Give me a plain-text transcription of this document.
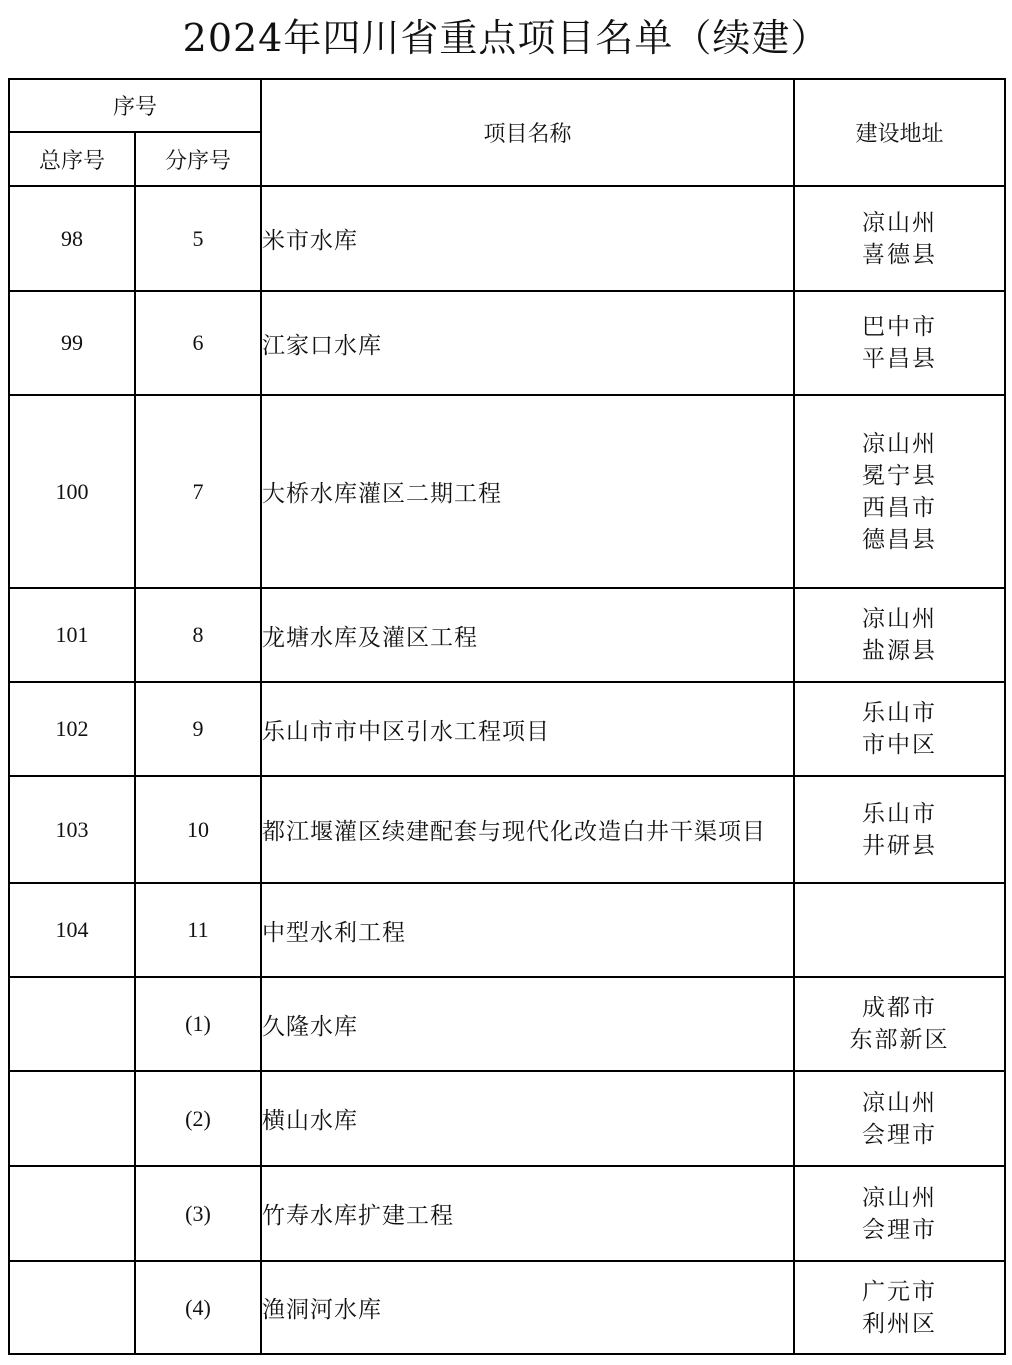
2024年四川省重点项目名单（续建）
序号		项目名称	建设地址
总序号	分序号		
98	5	米市水库	凉山州
喜德县

99	6	江家口水库	巴中市
平昌县

100	7	大桥水库灌区二期工程	凉山州
冕宁县
西昌市
德昌县

101	8	龙塘水库及灌区工程	凉山州
盐源县

102	9	乐山市市中区引水工程项目	乐山市
市中区

103	10	都江堰灌区续建配套与现代化改造白井干渠项目	乐山市
井研县

104	11	中型水利工程	
	(1)	久隆水库	成都市
东部新区

	(2)	横山水库	凉山州
会理市

	(3)	竹寿水库扩建工程	凉山州
会理市

	(4)	渔洞河水库	广元市
利州区
